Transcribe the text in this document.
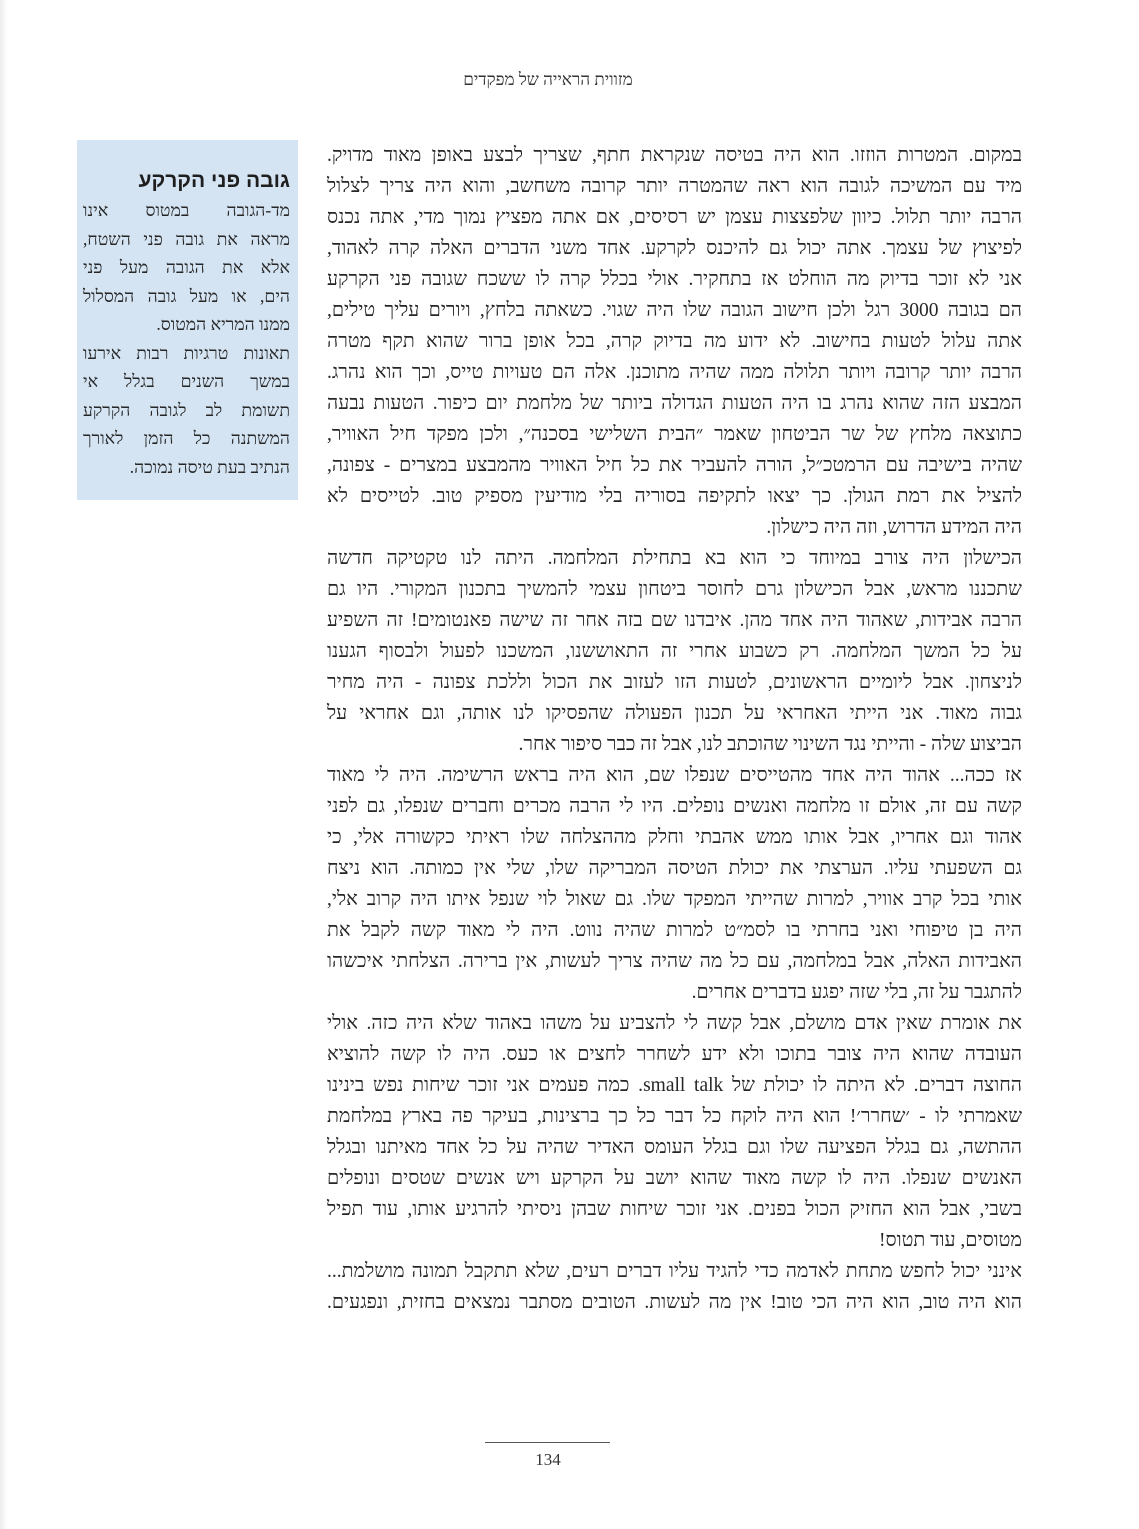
מזווית הראייה של מפקדים
גובה פני הקרקע
מד-הגובה במטוס אינו
מראה את גובה פני השטח,
אלא את הגובה מעל פני
הים, או מעל גובה המסלול
ממנו המריא המטוס.
תאונות טרגיות רבות אירעו
במשך השנים בגלל אי
תשומת לב לגובה הקרקע
המשתנה כל הזמן לאורך
הנתיב בעת טיסה נמוכה.
במקום. המטרות הוזזו. הוא היה בטיסה שנקראת חתף, שצריך לבצע באופן מאוד מדויק.
מיד עם המשיכה לגובה הוא ראה שהמטרה יותר קרובה משחשב, והוא היה צריך לצלול
הרבה יותר תלול. כיוון שלפצצות עצמן יש רסיסים, אם אתה מפציץ נמוך מדי, אתה נכנס
לפיצוץ של עצמך. אתה יכול גם להיכנס לקרקע. אחד משני הדברים האלה קרה לאהוד,
אני לא זוכר בדיוק מה הוחלט אז בתחקיר. אולי בכלל קרה לו ששכח שגובה פני הקרקע
הם בגובה 3000 רגל ולכן חישוב הגובה שלו היה שגוי. כשאתה בלחץ, ויורים עליך טילים,
אתה עלול לטעות בחישוב. לא ידוע מה בדיוק קרה, בכל אופן ברור שהוא תקף מטרה
הרבה יותר קרובה ויותר תלולה ממה שהיה מתוכנן. אלה הם טעויות טייס, וכך הוא נהרג.
המבצע הזה שהוא נהרג בו היה הטעות הגדולה ביותר של מלחמת יום כיפור. הטעות נבעה
כתוצאה מלחץ של שר הביטחון שאמר ״הבית השלישי בסכנה״, ולכן מפקד חיל האוויר,
שהיה בישיבה עם הרמטכ״ל, הורה להעביר את כל חיל האוויר מהמבצע במצרים - צפונה,
להציל את רמת הגולן. כך יצאו לתקיפה בסוריה בלי מודיעין מספיק טוב. לטייסים לא
היה המידע הדרוש, וזה היה כישלון.
הכישלון היה צורב במיוחד כי הוא בא בתחילת המלחמה. היתה לנו טקטיקה חדשה
שתכננו מראש, אבל הכישלון גרם לחוסר ביטחון עצמי להמשיך בתכנון המקורי. היו גם
הרבה אבידות, שאהוד היה אחד מהן. איבדנו שם בזה אחר זה שישה פאנטומים! זה השפיע
על כל המשך המלחמה. רק כשבוע אחרי זה התאוששנו, המשכנו לפעול ולבסוף הגענו
לניצחון. אבל ליומיים הראשונים, לטעות הזו לעזוב את הכול וללכת צפונה - היה מחיר
גבוה מאוד. אני הייתי האחראי על תכנון הפעולה שהפסיקו לנו אותה, וגם אחראי על
הביצוע שלה - והייתי נגד השינוי שהוכתב לנו, אבל זה כבר סיפור אחר.
אז ככה... אהוד היה אחד מהטייסים שנפלו שם, הוא היה בראש הרשימה. היה לי מאוד
קשה עם זה, אולם זו מלחמה ואנשים נופלים. היו לי הרבה מכרים וחברים שנפלו, גם לפני
אהוד וגם אחריו, אבל אותו ממש אהבתי וחלק מההצלחה שלו ראיתי כקשורה אלי, כי
גם השפעתי עליו. הערצתי את יכולת הטיסה המבריקה שלו, שלי אין כמותה. הוא ניצח
אותי בכל קרב אוויר, למרות שהייתי המפקד שלו. גם שאול לוי שנפל איתו היה קרוב אלי,
היה בן טיפוחי ואני בחרתי בו לסמ״ט למרות שהיה נווט. היה לי מאוד קשה לקבל את
האבידות האלה, אבל במלחמה, עם כל מה שהיה צריך לעשות, אין ברירה. הצלחתי איכשהו
להתגבר על זה, בלי שזה יפגע בדברים אחרים.
את אומרת שאין אדם מושלם, אבל קשה לי להצביע על משהו באהוד שלא היה כזה. אולי
העובדה שהוא היה צובר בתוכו ולא ידע לשחרר לחצים או כעס. היה לו קשה להוציא
החוצה דברים. לא היתה לו יכולת של small talk. כמה פעמים אני זוכר שיחות נפש בינינו
שאמרתי לו - ׳שחרר׳! הוא היה לוקח כל דבר כל כך ברצינות, בעיקר פה בארץ במלחמת
ההתשה, גם בגלל הפציעה שלו וגם בגלל העומס האדיר שהיה על כל אחד מאיתנו ובגלל
האנשים שנפלו. היה לו קשה מאוד שהוא יושב על הקרקע ויש אנשים שטסים ונופלים
בשבי, אבל הוא החזיק הכול בפנים. אני זוכר שיחות שבהן ניסיתי להרגיע אותו, עוד תפיל
מטוסים, עוד תטוס!
אינני יכול לחפש מתחת לאדמה כדי להגיד עליו דברים רעים, שלא תתקבל תמונה מושלמת...
הוא היה טוב, הוא היה הכי טוב! אין מה לעשות. הטובים מסתבר נמצאים בחזית, ונפגעים.
134
